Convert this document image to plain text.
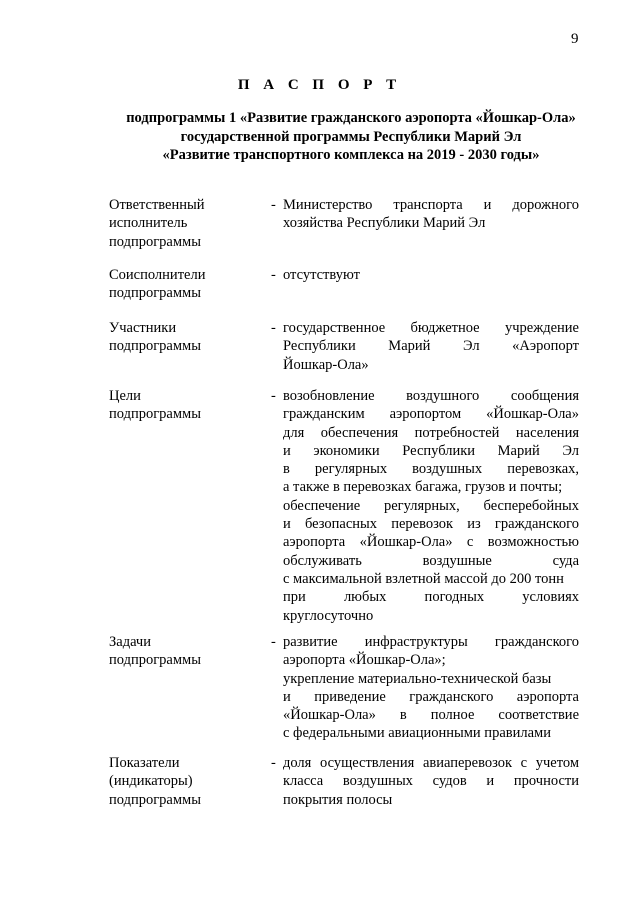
9
П А С П О Р Т
подпрограммы 1 «Развитие гражданского аэропорта «Йошкар-Ола»
государственной программы Республики Марий Эл
«Развитие транспортного комплекса на 2019 - 2030 годы»
Ответственный
исполнитель
подпрограммы
- Министерство транспорта и дорожного
хозяйства Республики Марий Эл
Соисполнители
подпрограммы
- отсутствуют
Участники
подпрограммы
- государственное бюджетное учреждение
Республики Марий Эл «Аэропорт
Йошкар-Ола»
Цели
подпрограммы
- возобновление воздушного сообщения
гражданским аэропортом «Йошкар-Ола»
для обеспечения потребностей населения
и экономики Республики Марий Эл
в регулярных воздушных перевозках,
а также в перевозках багажа, грузов и почты;
обеспечение регулярных, бесперебойных
и безопасных перевозок из гражданского
аэропорта «Йошкар-Ола» с возможностью
обслуживать воздушные суда
с максимальной взлетной массой до 200 тонн
при любых погодных условиях
круглосуточно
Задачи
подпрограммы
- развитие инфраструктуры гражданского
аэропорта «Йошкар-Ола»;
укрепление материально-технической базы
и приведение гражданского аэропорта
«Йошкар-Ола» в полное соответствие
с федеральными авиационными правилами
Показатели
(индикаторы)
подпрограммы
- доля осуществления авиаперевозок с учетом
класса воздушных судов и прочности
покрытия полосы
